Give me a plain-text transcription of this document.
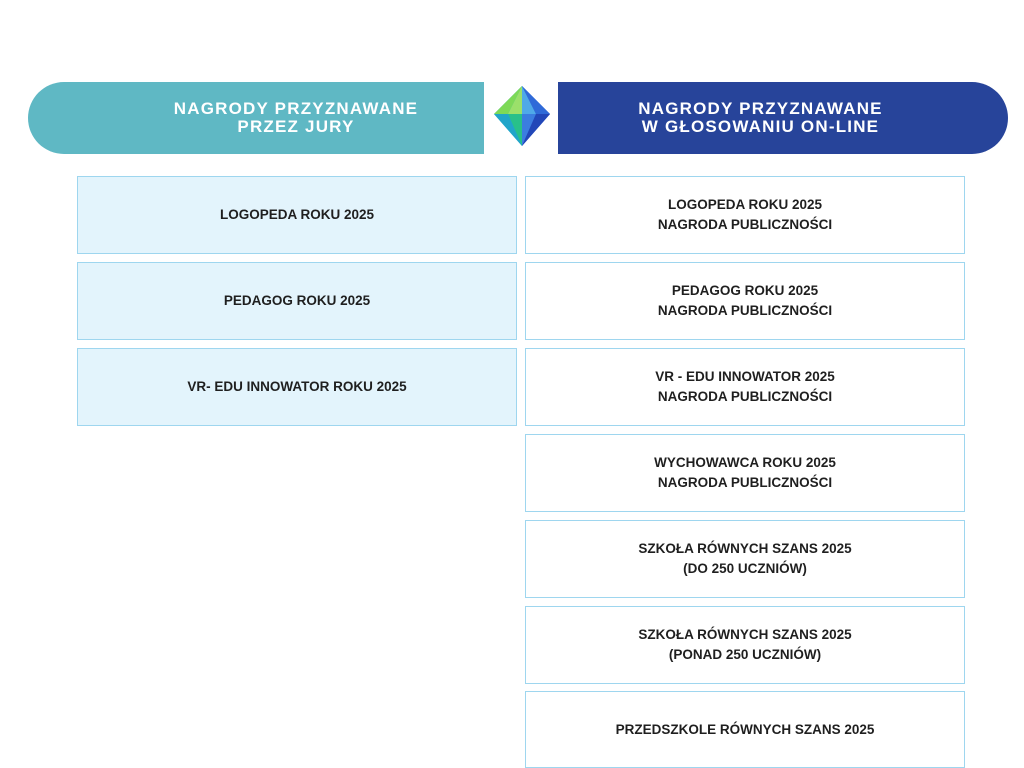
NAGRODY PRZYZNAWANE
PRZEZ JURY
NAGRODY PRZYZNAWANE
W GŁOSOWANIU ON-LINE
LOGOPEDA ROKU 2025
PEDAGOG ROKU 2025
VR- EDU INNOWATOR ROKU 2025
LOGOPEDA ROKU 2025
NAGRODA PUBLICZNOŚCI
PEDAGOG ROKU 2025
NAGRODA PUBLICZNOŚCI
VR - EDU INNOWATOR 2025
NAGRODA PUBLICZNOŚCI
WYCHOWAWCA ROKU 2025
NAGRODA PUBLICZNOŚCI
SZKOŁA RÓWNYCH SZANS 2025
(DO 250 UCZNIÓW)
SZKOŁA RÓWNYCH SZANS 2025
(PONAD 250 UCZNIÓW)
PRZEDSZKOLE RÓWNYCH SZANS 2025
